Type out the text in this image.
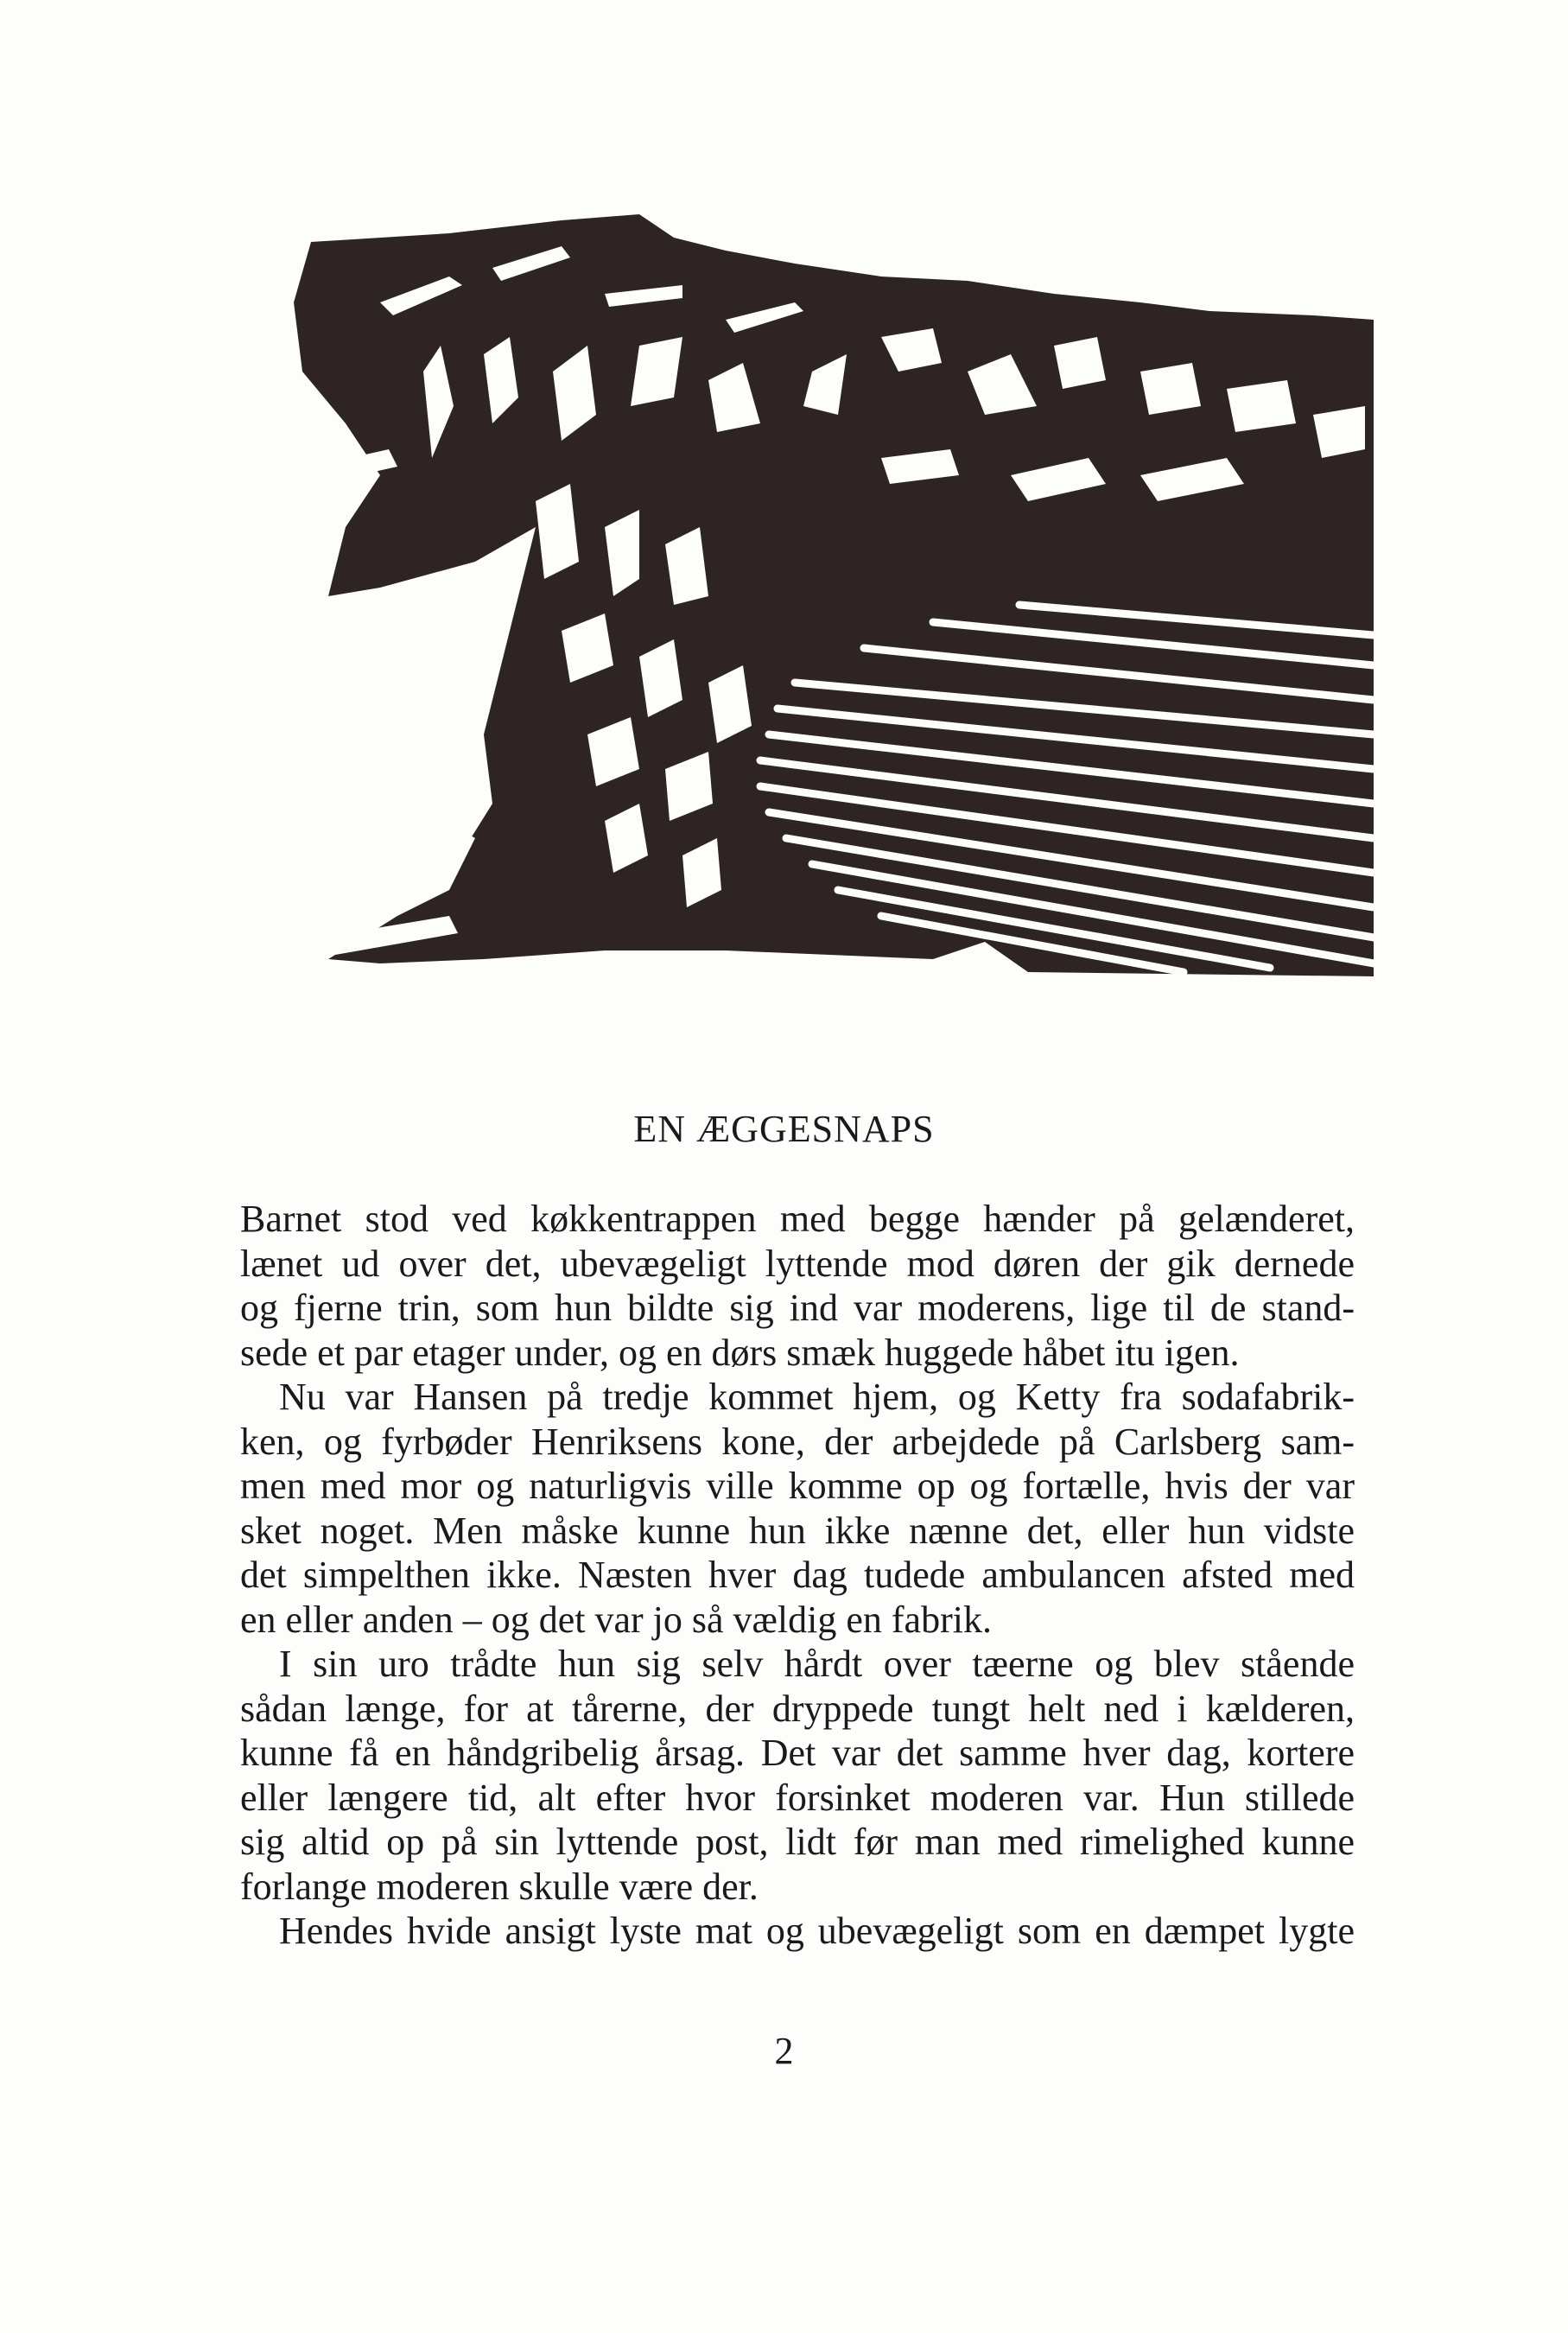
EN ÆGGESNAPS
Barnet stod ved køkkentrappen med begge hænder på gelænderet,
lænet ud over det, ubevægeligt lyttende mod døren der gik dernede
og fjerne trin, som hun bildte sig ind var moderens, lige til de stand-
sede et par etager under, og en dørs smæk huggede håbet itu igen.
Nu var Hansen på tredje kommet hjem, og Ketty fra sodafabrik-
ken, og fyrbøder Henriksens kone, der arbejdede på Carlsberg sam-
men med mor og naturligvis ville komme op og fortælle, hvis der var
sket noget. Men måske kunne hun ikke nænne det, eller hun vidste
det simpelthen ikke. Næsten hver dag tudede ambulancen afsted med
en eller anden – og det var jo så vældig en fabrik.
I sin uro trådte hun sig selv hårdt over tæerne og blev stående
sådan længe, for at tårerne, der dryppede tungt helt ned i kælderen,
kunne få en håndgribelig årsag. Det var det samme hver dag, kortere
eller længere tid, alt efter hvor forsinket moderen var. Hun stillede
sig altid op på sin lyttende post, lidt før man med rimelighed kunne
forlange moderen skulle være der.
Hendes hvide ansigt lyste mat og ubevægeligt som en dæmpet lygte
2
